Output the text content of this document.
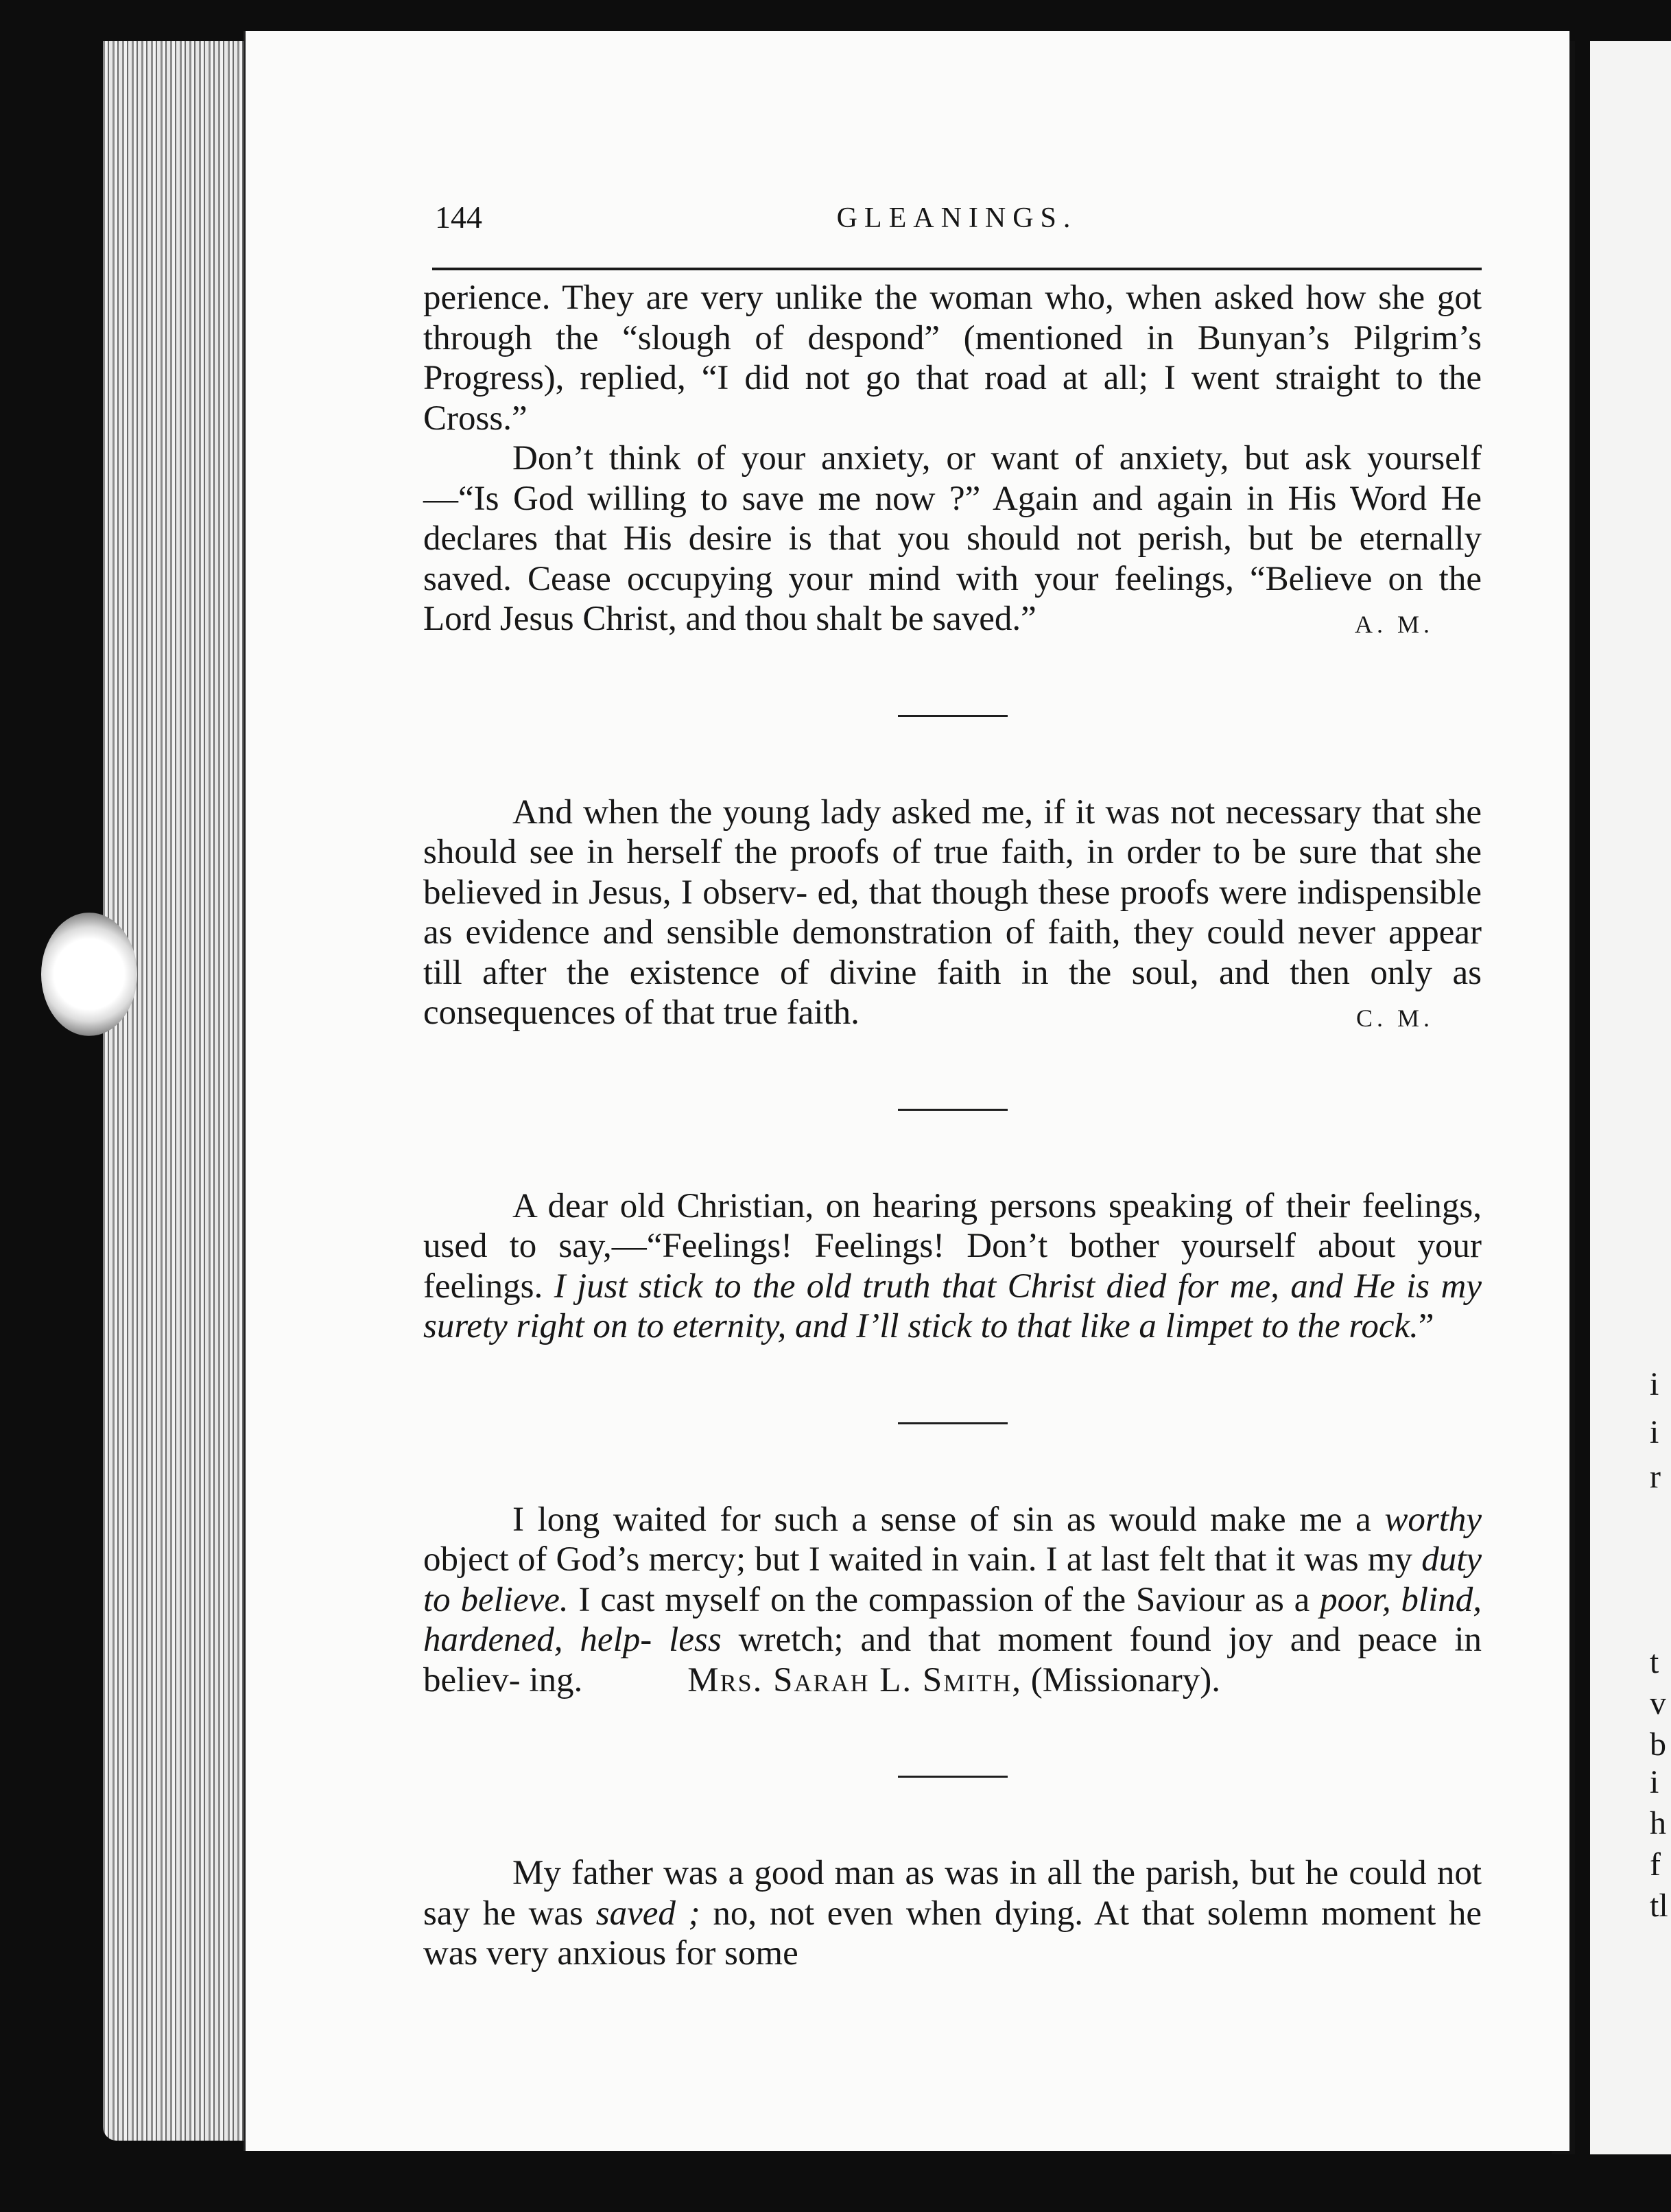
144	GLEANINGS.

perience. They are very unlike the woman who, when asked how she got through the “slough of despond” (mentioned in Bunyan’s Pilgrim’s Progress), replied, “I did not go that road at all; I went straight to the Cross.”

Don’t think of your anxiety, or want of anxiety, but ask yourself—“Is God willing to save me now ?” Again and again in His Word He declares that His desire is that you should not perish, but be eternally saved. Cease occupying your mind with your feelings, “Believe on the Lord Jesus Christ, and thou shalt be saved.”	A. M.

And when the young lady asked me, if it was not necessary that she should see in herself the proofs of true faith, in order to be sure that she believed in Jesus, I observ- ed, that though these proofs were indispensible as evidence and sensible demonstration of faith, they could never appear till after the existence of divine faith in the soul, and then only as consequences of that true faith.	C. M.

A dear old Christian, on hearing persons speaking of their feelings, used to say,—“Feelings! Feelings! Don’t bother yourself about your feelings. I just stick to the old truth that Christ died for me, and He is my surety right on to eternity, and I’ll stick to that like a limpet to the rock.”

I long waited for such a sense of sin as would make me a worthy object of God’s mercy; but I waited in vain. I at last felt that it was my duty to believe. I cast myself on the compassion of the Saviour as a poor, blind, hardened, help- less wretch; and that moment found joy and peace in believ- ing.	Mrs. Sarah L. Smith, (Missionary).

My father was a good man as was in all the parish, but he could not say he was saved ; no, not even when dying. At that solemn moment he was very anxious for some

i
i
r
t
v
b
i
h
f
tl
